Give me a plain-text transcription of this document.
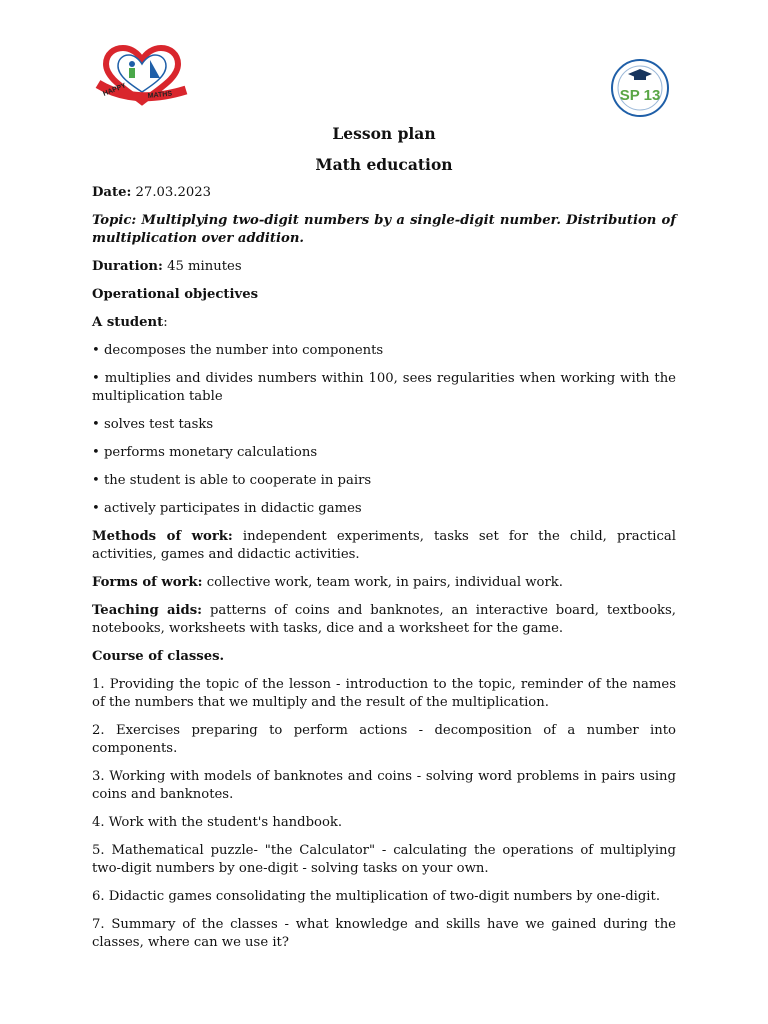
HAPPY	MATHS	SP 13
Lesson plan
Math education

Date: 27.03.2023

Topic: Multiplying two-digit numbers by a single-digit number. Distribution of multiplication over addition.

Duration: 45 minutes

Operational objectives

A student:

• decomposes the number into components

• multiplies and divides numbers within 100, sees regularities when working with the multiplication table

• solves test tasks

• performs monetary calculations

• the student is able to cooperate in pairs

• actively participates in didactic games

Methods of work: independent experiments, tasks set for the child, practical activities, games and didactic activities.

Forms of work: collective work, team work, in pairs, individual work.

Teaching aids: patterns of coins and banknotes, an interactive board, textbooks, notebooks, worksheets with tasks, dice and a worksheet for the game.

Course of classes.

1. Providing the topic of the lesson - introduction to the topic, reminder of the names of the numbers that we multiply and the result of the multiplication.

2. Exercises preparing to perform actions - decomposition of a number into components.

3. Working with models of banknotes and coins - solving word problems in pairs using coins and banknotes.

4. Work with the student's handbook.

5. Mathematical puzzle- "the Calculator" - calculating the operations of multiplying two-digit numbers by one-digit - solving tasks on your own.

6. Didactic games consolidating the multiplication of two-digit numbers by one-digit.

7. Summary of the classes - what knowledge and skills have we gained during the classes, where can we use it?
